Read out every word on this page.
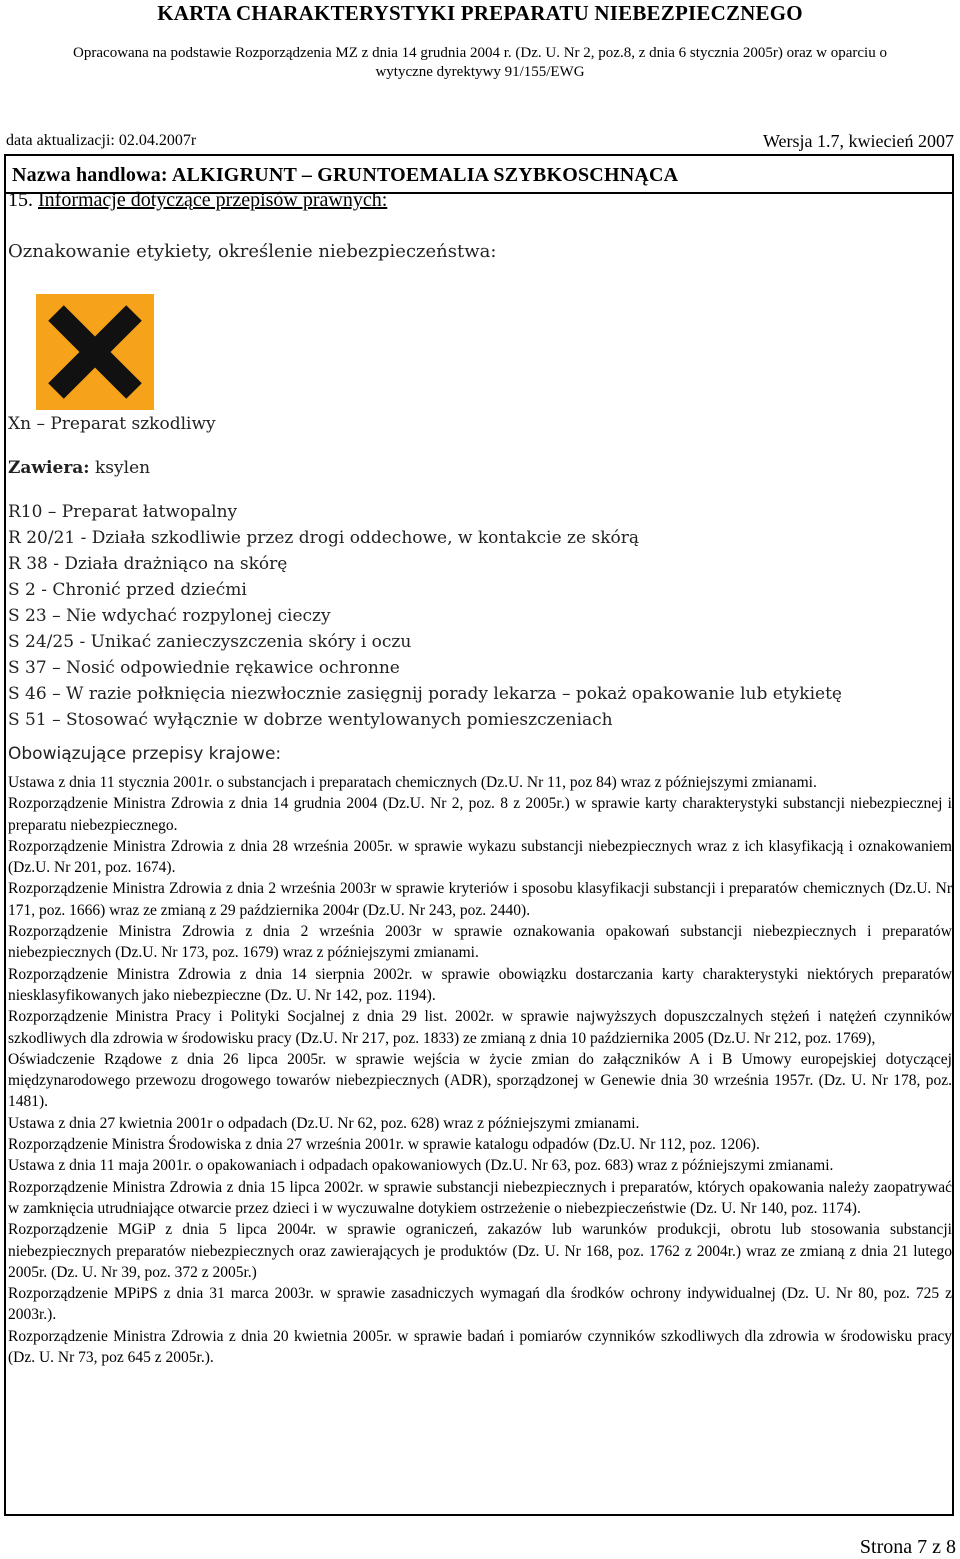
KARTA CHARAKTERYSTYKI PREPARATU NIEBEZPIECZNEGO
Opracowana na podstawie Rozporządzenia MZ z dnia 14 grudnia 2004 r. (Dz. U. Nr 2, poz.8, z dnia 6 stycznia 2005r) oraz w oparciu o
wytyczne dyrektywy 91/155/EWG
data aktualizacji: 02.04.2007r	Wersja 1.7, kwiecień 2007
Nazwa handlowa: ALKIGRUNT – GRUNTOEMALIA SZYBKOSCHNĄCA
15. Informacje dotyczące przepisów prawnych:
Oznakowanie etykiety, określenie niebezpieczeństwa:
Xn – Preparat szkodliwy
Zawiera: ksylen
R10 – Preparat łatwopalny
R 20/21 - Działa szkodliwie przez drogi oddechowe, w kontakcie ze skórą
R 38 - Działa drażniąco na skórę
S 2 - Chronić przed dziećmi
S 23 – Nie wdychać rozpylonej cieczy
S 24/25 - Unikać zanieczyszczenia skóry i oczu
S 37 – Nosić odpowiednie rękawice ochronne
S 46 – W razie połknięcia niezwłocznie zasięgnij porady lekarza – pokaż opakowanie lub etykietę
S 51 – Stosować wyłącznie w dobrze wentylowanych pomieszczeniach
Obowiązujące przepisy krajowe:
Ustawa z dnia 11 stycznia 2001r. o substancjach i preparatach chemicznych (Dz.U. Nr 11, poz 84) wraz z późniejszymi zmianami.
Rozporządzenie Ministra Zdrowia z dnia 14 grudnia 2004 (Dz.U. Nr 2, poz. 8 z 2005r.) w sprawie karty charakterystyki substancji niebezpiecznej i preparatu niebezpiecznego.
Rozporządzenie Ministra Zdrowia z dnia 28 września 2005r. w sprawie wykazu substancji niebezpiecznych wraz z ich klasyfikacją i oznakowaniem (Dz.U. Nr 201, poz. 1674).
Rozporządzenie Ministra Zdrowia z dnia 2 września 2003r w sprawie kryteriów i sposobu klasyfikacji substancji i preparatów chemicznych (Dz.U. Nr 171, poz. 1666) wraz ze zmianą z 29 października 2004r (Dz.U. Nr 243, poz. 2440).
Rozporządzenie Ministra Zdrowia z dnia 2 września 2003r w sprawie oznakowania opakowań substancji niebezpiecznych i preparatów niebezpiecznych (Dz.U. Nr 173, poz. 1679) wraz z późniejszymi zmianami.
Rozporządzenie Ministra Zdrowia z dnia 14 sierpnia 2002r. w sprawie obowiązku dostarczania karty charakterystyki niektórych preparatów niesklasyfikowanych jako niebezpieczne (Dz. U. Nr 142, poz. 1194).
Rozporządzenie Ministra Pracy i Polityki Socjalnej z dnia 29 list. 2002r. w sprawie najwyższych dopuszczalnych stężeń i natężeń czynników szkodliwych dla zdrowia w środowisku pracy (Dz.U. Nr 217, poz. 1833) ze zmianą z dnia 10 października 2005 (Dz.U. Nr 212, poz. 1769),
Oświadczenie Rządowe z dnia 26 lipca 2005r. w sprawie wejścia w życie zmian do załączników A i B Umowy europejskiej dotyczącej międzynarodowego przewozu drogowego towarów niebezpiecznych (ADR), sporządzonej w Genewie dnia 30 września 1957r. (Dz. U. Nr 178, poz. 1481).
Ustawa z dnia 27 kwietnia 2001r o odpadach (Dz.U. Nr 62, poz. 628) wraz z późniejszymi zmianami.
Rozporządzenie Ministra Środowiska z dnia 27 września 2001r. w sprawie katalogu odpadów (Dz.U. Nr 112, poz. 1206).
Ustawa z dnia 11 maja 2001r. o opakowaniach i odpadach opakowaniowych (Dz.U. Nr 63, poz. 683) wraz z późniejszymi zmianami.
Rozporządzenie Ministra Zdrowia z dnia 15 lipca 2002r. w sprawie substancji niebezpiecznych i preparatów, których opakowania należy zaopatrywać w zamknięcia utrudniające otwarcie przez dzieci i w wyczuwalne dotykiem ostrzeżenie o niebezpieczeństwie (Dz. U. Nr 140, poz. 1174).
Rozporządzenie MGiP z dnia 5 lipca 2004r. w sprawie ograniczeń, zakazów lub warunków produkcji, obrotu lub stosowania substancji niebezpiecznych preparatów niebezpiecznych oraz zawierających je produktów (Dz. U. Nr 168, poz. 1762 z 2004r.) wraz ze zmianą z dnia 21 lutego 2005r. (Dz. U. Nr 39, poz. 372 z 2005r.)
Rozporządzenie MPiPS z dnia 31 marca 2003r. w sprawie zasadniczych wymagań dla środków ochrony indywidualnej (Dz. U. Nr 80, poz. 725 z 2003r.).
Rozporządzenie Ministra Zdrowia z dnia 20 kwietnia 2005r. w sprawie badań i pomiarów czynników szkodliwych dla zdrowia w środowisku pracy (Dz. U. Nr 73, poz 645 z 2005r.).
Strona 7 z 8
